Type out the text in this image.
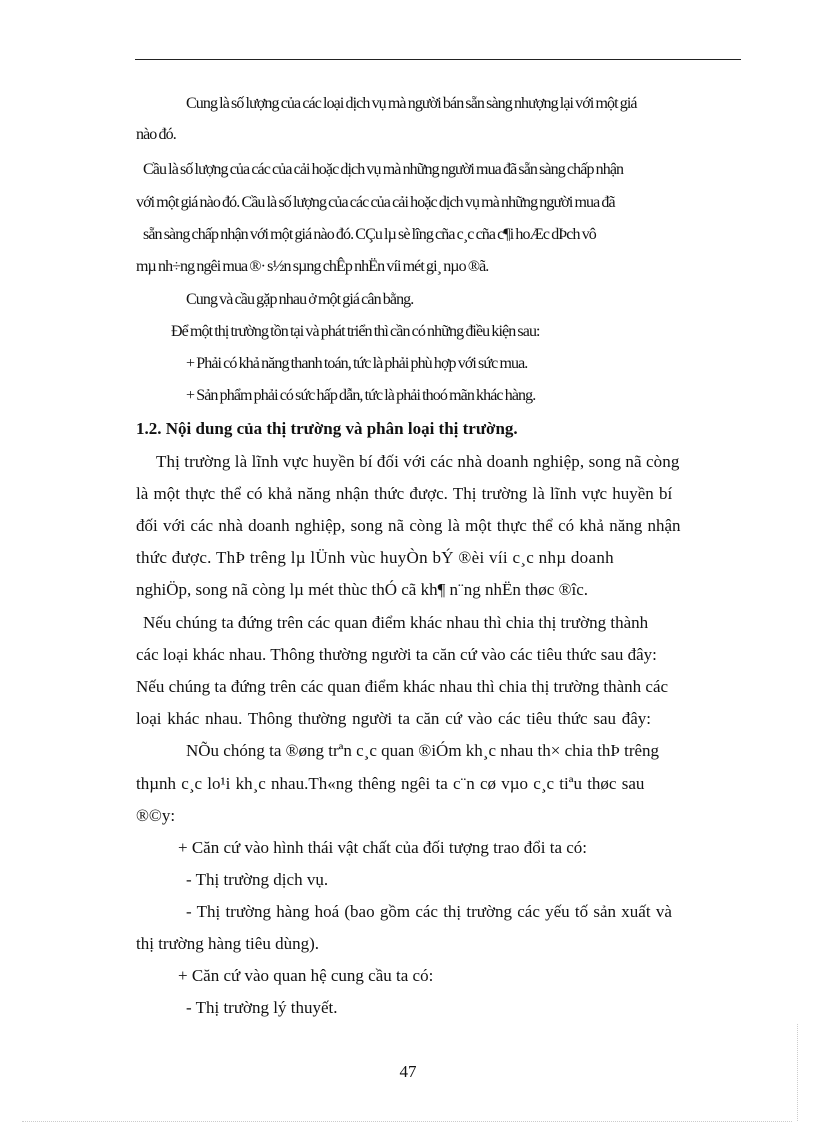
Cung là số lượng của các loại dịch vụ mà người bán sẵn sàng nhượng lại với một giá
nào đó.
Cầu là số lượng của các của cải hoặc dịch vụ mà những người mua đã sẵn sàng chấp nhận
với một giá nào đó. Cầu là số lượng của các của cải hoặc dịch vụ mà những người mua đã
sẵn sàng chấp nhận với một giá nào đó. CÇu lµ sè lîng cña c¸c cña c¶i hoÆc dÞch vô
mµ nh÷ng ngêi mua ®· s½n sµng chÊp nhËn víi mét gi¸ nµo ®ã.
Cung và cầu gặp nhau ở một giá cân bằng.
Để một thị trường tồn tại và phát triển thì cần có những điều kiện sau:
+ Phải có khả năng thanh toán, tức là phải phù hợp với sức mua.
+ Sản phẩm phải có sức hấp dẫn, tức là phải thoó mãn khác hàng.
1.2. Nội dung của thị trường và phân loại thị trường.
Thị trường là lĩnh vực huyền bí đối với các nhà doanh nghiệp, song nã còng
là một thực thể có khả năng nhận thức được. Thị trường là lĩnh vực huyền bí
đối với các nhà doanh nghiệp, song nã còng là một thực thể có khả năng nhận
thức được. ThÞ trêng lµ lÜnh vùc huyÒn bÝ ®èi víi c¸c nhµ doanh
nghiÖp, song nã còng lµ mét thùc thÓ cã kh¶ n¨ng nhËn thøc ®îc.
Nếu chúng ta đứng trên các quan điểm khác nhau thì chia thị trường thành
các loại khác nhau. Thông thường người ta căn cứ vào các tiêu thức sau đây:
Nếu chúng ta đứng trên các quan điểm khác nhau thì chia thị trường thành các
loại khác nhau. Thông thường người ta căn cứ vào các tiêu thức sau đây:
NÕu chóng ta ®øng trªn c¸c quan ®iÓm kh¸c nhau th× chia thÞ trêng
thµnh c¸c lo¹i kh¸c nhau.Th«ng thêng ngêi ta c¨n cø vµo c¸c tiªu thøc sau
®©y:
+ Căn cứ vào hình thái vật chất của đối tượng trao đổi ta có:
- Thị trường dịch vụ.
- Thị trường hàng hoá (bao gồm các thị trường các yếu tố sản xuất và
thị trường hàng tiêu dùng).
+ Căn cứ vào quan hệ cung cầu ta có:
- Thị trường lý thuyết.
47
